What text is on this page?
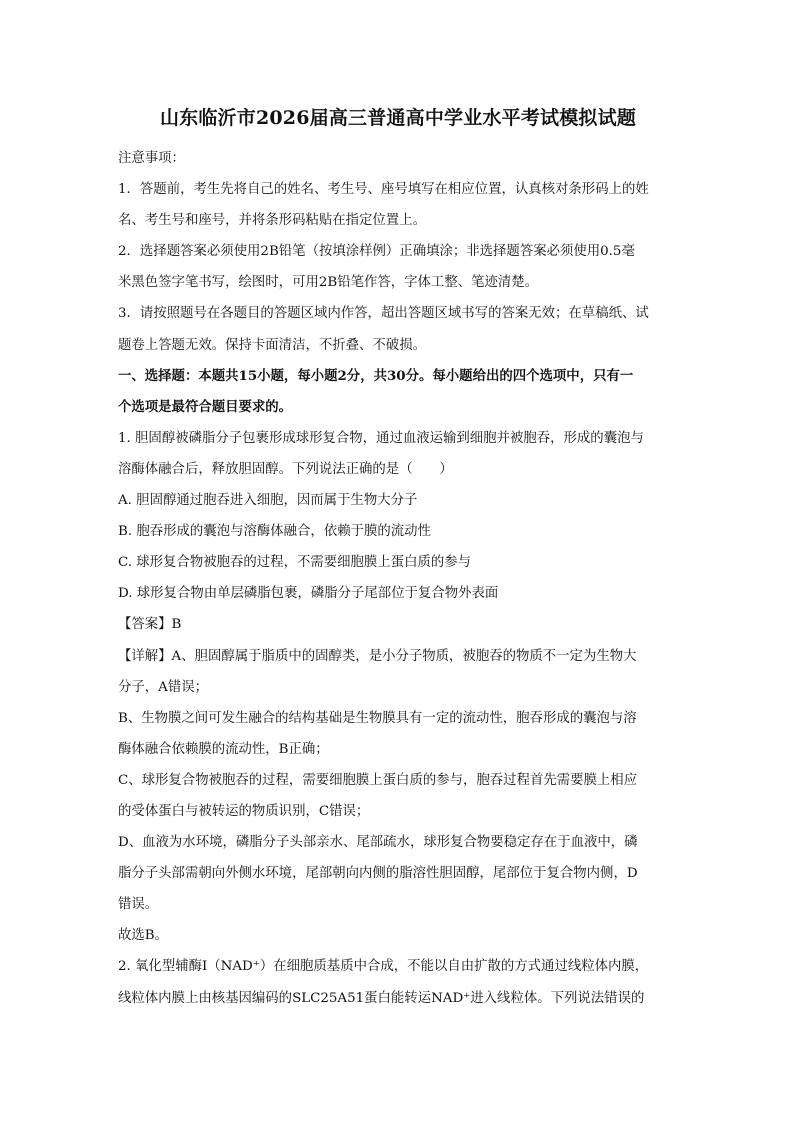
山东临沂市2026届高三普通高中学业水平考试模拟试题

注意事项：

1．答题前，考生先将自己的姓名、考生号、座号填写在相应位置，认真核对条形码上的姓

名、考生号和座号，并将条形码粘贴在指定位置上。

2．选择题答案必须使用2B铅笔（按填涂样例）正确填涂；非选择题答案必须使用0.5毫

米黑色签字笔书写，绘图时，可用2B铅笔作答，字体工整、笔迹清楚。

3．请按照题号在各题目的答题区域内作答，超出答题区域书写的答案无效；在草稿纸、试

题卷上答题无效。保持卡面清洁，不折叠、不破损。

一、选择题：本题共15小题，每小题2分，共30分。每小题给出的四个选项中，只有一

个选项是最符合题目要求的。

1. 胆固醇被磷脂分子包裹形成球形复合物，通过血液运输到细胞并被胞吞，形成的囊泡与

溶酶体融合后，释放胆固醇。下列说法正确的是（　　）

A. 胆固醇通过胞吞进入细胞，因而属于生物大分子

B. 胞吞形成的囊泡与溶酶体融合，依赖于膜的流动性

C. 球形复合物被胞吞的过程，不需要细胞膜上蛋白质的参与

D. 球形复合物由单层磷脂包裹，磷脂分子尾部位于复合物外表面

【答案】B

【详解】A、胆固醇属于脂质中的固醇类，是小分子物质，被胞吞的物质不一定为生物大

分子，A错误；

B、生物膜之间可发生融合的结构基础是生物膜具有一定的流动性，胞吞形成的囊泡与溶

酶体融合依赖膜的流动性，B正确；

C、球形复合物被胞吞的过程，需要细胞膜上蛋白质的参与，胞吞过程首先需要膜上相应

的受体蛋白与被转运的物质识别，C错误；

D、血液为水环境，磷脂分子头部亲水、尾部疏水，球形复合物要稳定存在于血液中，磷

脂分子头部需朝向外侧水环境，尾部朝向内侧的脂溶性胆固醇，尾部位于复合物内侧，D

错误。

故选B。

2. 氧化型辅酶Ⅰ（NAD⁺）在细胞质基质中合成，不能以自由扩散的方式通过线粒体内膜，

线粒体内膜上由核基因编码的SLC25A51蛋白能转运NAD⁺进入线粒体。下列说法错误的
